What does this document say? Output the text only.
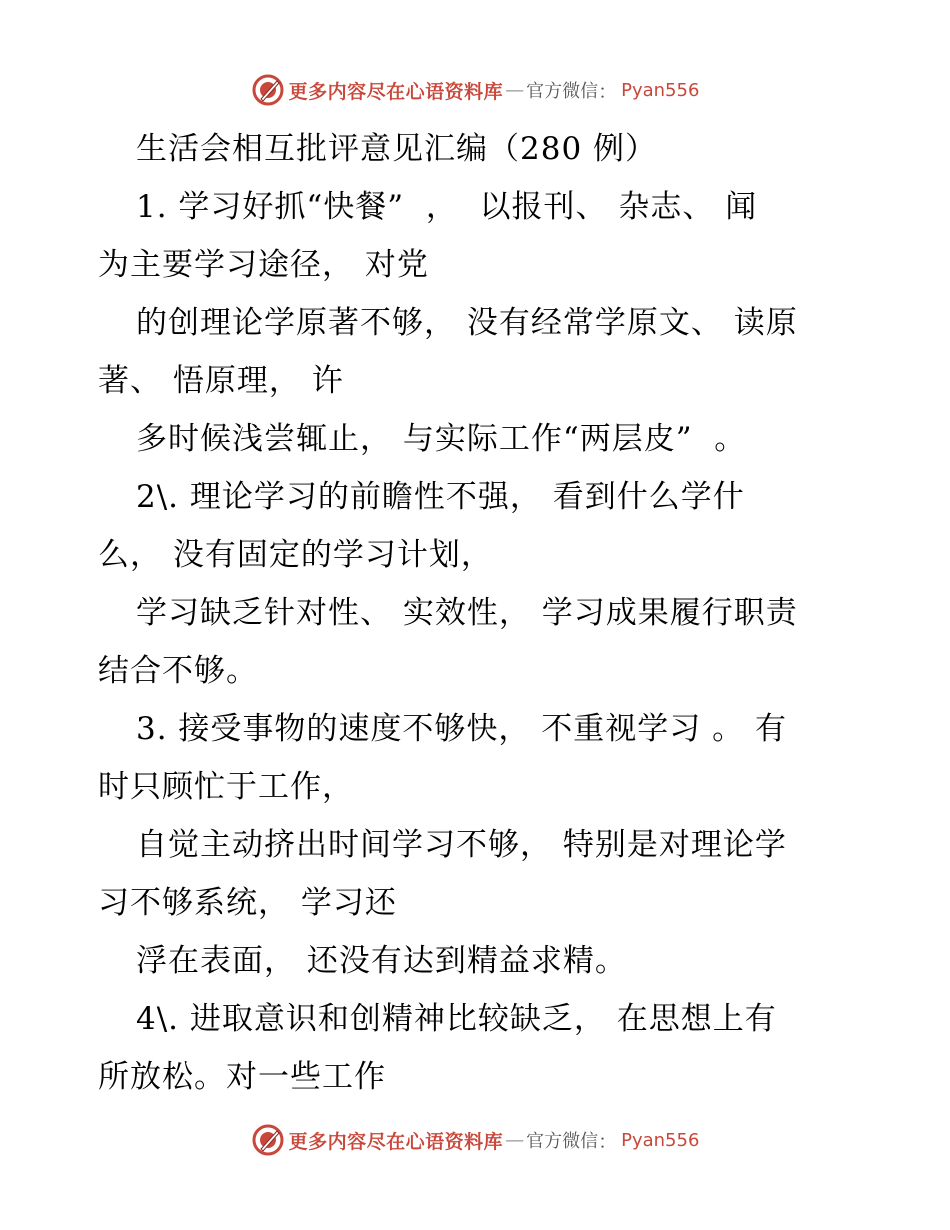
更多内容尽在心语资料库 — 官方微信 ： Pyan556
生活会相互批评意见汇编（280 例）
1. 学习好抓“快餐”  ，  以报刊、 杂志、 闻
为主要学习途径， 对党
的创理论学原著不够， 没有经常学原文、 读原
著、 悟原理， 许
多时候浅尝辄止， 与实际工作“两层皮”  。
2\. 理论学习的前瞻性不强， 看到什么学什
么， 没有固定的学习计划，
学习缺乏针对性、 实效性， 学习成果履行职责
结合不够。
3. 接受事物的速度不够快， 不重视学习 。 有
时只顾忙于工作，
自觉主动挤出时间学习不够， 特别是对理论学
习不够系统， 学习还
浮在表面， 还没有达到精益求精。
4\. 进取意识和创精神比较缺乏， 在思想上有
所放松。对一些工作
更多内容尽在心语资料库 — 官方微信 ： Pyan556
